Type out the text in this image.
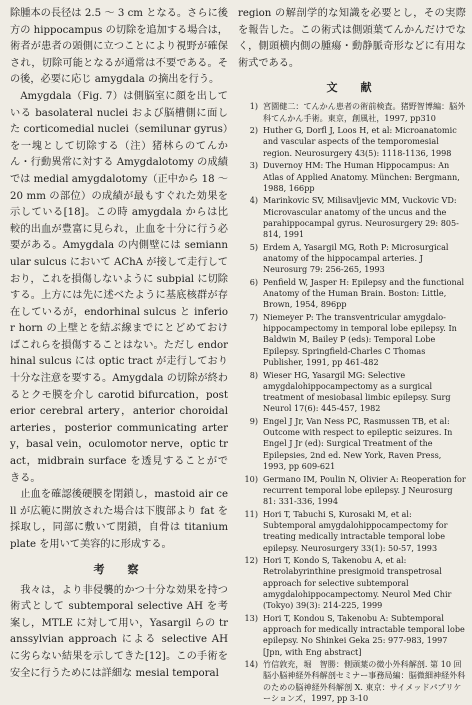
除腫本の長径は 2.5 ～ 3 cm となる。さらに後方の hippocampus の切除を追加する場合は，術者が患者の頭側に立つことにより視野が確保され，切除可能となるが通常は不要である。その後，必要に応じ amygdala の摘出を行う。

Amygdala（Fig. 7）は側脳室に顔を出している basolateral nuclei および脳槽側に面した corticomedial nuclei（semilunar gyrus）を一塊として切除する（注）猪林らのてんかん・行動異常に対する Amygdalotomy の成績では medial amygdalotomy（正中から 18 ～ 20 mm の部位）の成績が最もすぐれた効果を示している[18]。この時 amygdala からは比較的出血が豊富に見られ，止血を十分に行う必要がある。Amygdala の内側壁には semiannular sulcus において AChA が接して走行しており，これを損傷しないように subpial に切除する。上方には先に述べたように基底核群が存在しているが，endorhinal sulcus と inferior horn の上壁とを結ぶ線までにとどめておけばこれらを損傷することはない。ただし endorhinal sulcus には optic tract が走行しており十分な注意を要する。Amygdala の切除が終わるとクモ膜を介し carotid bifurcation，posterior cerebral artery，anterior choroidal arteries，posterior communicating artery，basal vein，oculomotor nerve，optic tract，midbrain surface を透見することができる。

止血を確認後硬膜を閉鎖し，mastoid air cell が広範に開放された場合は下腹部より fat を採取し，同部に敷いて閉鎖，自骨は titanium plate を用いて美容的に形成する。

考　察

我々は，より非侵襲的かつ十分な効果を持つ術式として subtemporal selective AH を考案し，MTLE に対して用い，Yasargil らの transsylvian approach による selective AH に劣らない結果を示してきた[12]。この手術を安全に行うためには詳細な mesial temporal

region の解剖学的な知識を必要とし，その実際を報告した。この術式は側頭葉てんかんだけでなく，側頭横内側の腫瘍・動静脈奇形などに有用な術式である。

文　献
1) 宮園健二：てんかん患者の術前検査。猪野智博編：脳外科てんかん手術。東京，創風社，1997, pp310
2) Huther G, Dorfl J, Loos H, et al: Microanatomic and vascular aspects of the temporomesial region. Neurosurgery 43(5): 1118-1136, 1998
3) Duvernoy HM: The Human Hippocampus: An Atlas of Applied Anatomy. München: Bergmann, 1988, 166pp
4) Marinkovic SV, Milisavljevic MM, Vuckovic VD: Microvascular anatomy of the uncus and the parahippocampal gyrus. Neurosurgery 29: 805-814, 1991
5) Erdem A, Yasargil MG, Roth P: Microsurgical anatomy of the hippocampal arteries. J Neurosurg 79: 256-265, 1993
6) Penfield W, Jasper H: Epilepsy and the functional Anatomy of the Human Brain. Boston: Little, Brown, 1954, 896pp
7) Niemeyer P: The transventricular amygdalo-hippocampectomy in temporal lobe epilepsy. In Baldwin M, Bailey P (eds): Temporal Lobe Epilepsy. Springfield-Charles C Thomas Publisher, 1991, pp 461-482
8) Wieser HG, Yasargil MG: Selective amygdalohippocampectomy as a surgical treatment of mesiobasal limbic epilepsy. Surg Neurol 17(6): 445-457, 1982
9) Engel J Jr, Van Ness PC, Rasmussen TB, et al: Outcome with respect to epileptic seizures. In Engel J Jr (ed): Surgical Treatment of the Epilepsies, 2nd ed. New York, Raven Press, 1993, pp 609-621
10) Germano IM, Poulin N, Olivier A: Reoperation for recurrent temporal lobe epilepsy. J Neurosurg 81: 331-336, 1994
11) Hori T, Tabuchi S, Kurosaki M, et al: Subtemporal amygdalohippocampectomy for treating medically intractable temporal lobe epilepsy. Neurosurgery 33(1): 50-57, 1993
12) Hori T, Kondo S, Takenobu A, et al: Retrolabyrinthine presigmoid transpetrosal approach for selective subtemporal amygdalohippocampectomy. Neurol Med Chir (Tokyo) 39(3): 214-225, 1999
13) Hori T, Kondou S, Takenobu A: Subtemporal approach for medically intractable temporal lobe epilepsy. No Shinkei Geka 25: 977-983, 1997 [Jpn, with Eng abstract]
14) 竹信敦充，堀　智勝：側頭葉の微小外科解剖. 第 10 回脳小脳神経外科解剖セミナー事務局編：脳微細神経外科のための脳神経外科解剖 X. 東京：サイメッドパブリケーションズ，1997, pp 3-10
